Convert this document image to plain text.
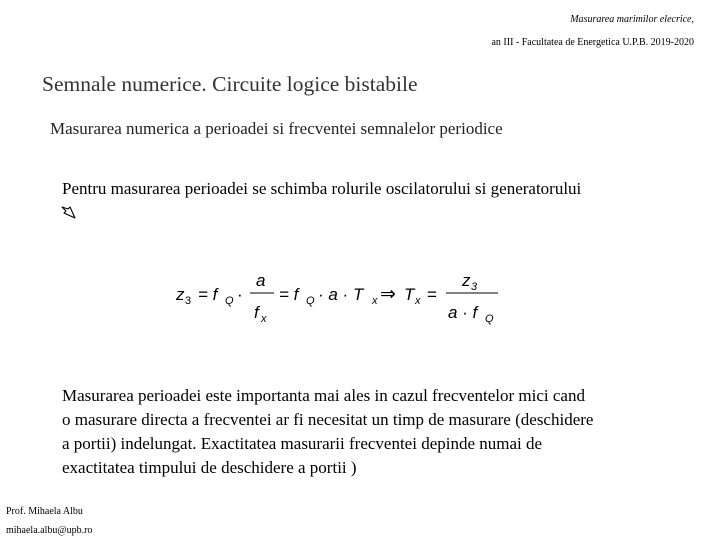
Masurarea marimilor elecrice,
an III - Facultatea de Energetica U.P.B. 2019-2020
Semnale numerice. Circuite logice bistabile
Masurarea numerica a perioadei si frecventei semnalelor periodice
Pentru masurarea perioadei se schimba rolurile oscilatorului si generatorului
z 3 = f Q ·
a
f x
= f Q · a · T x ⇒ T x =
z 3
a · f Q
Masurarea perioadei este importanta mai ales in cazul frecventelor mici cand
o masurare directa a frecventei ar fi necesitat un timp de masurare (deschidere
a portii) indelungat. Exactitatea masurarii frecventei depinde numai de
exactitatea timpului de deschidere a portii )
Prof. Mihaela Albu
mihaela.albu@upb.ro
